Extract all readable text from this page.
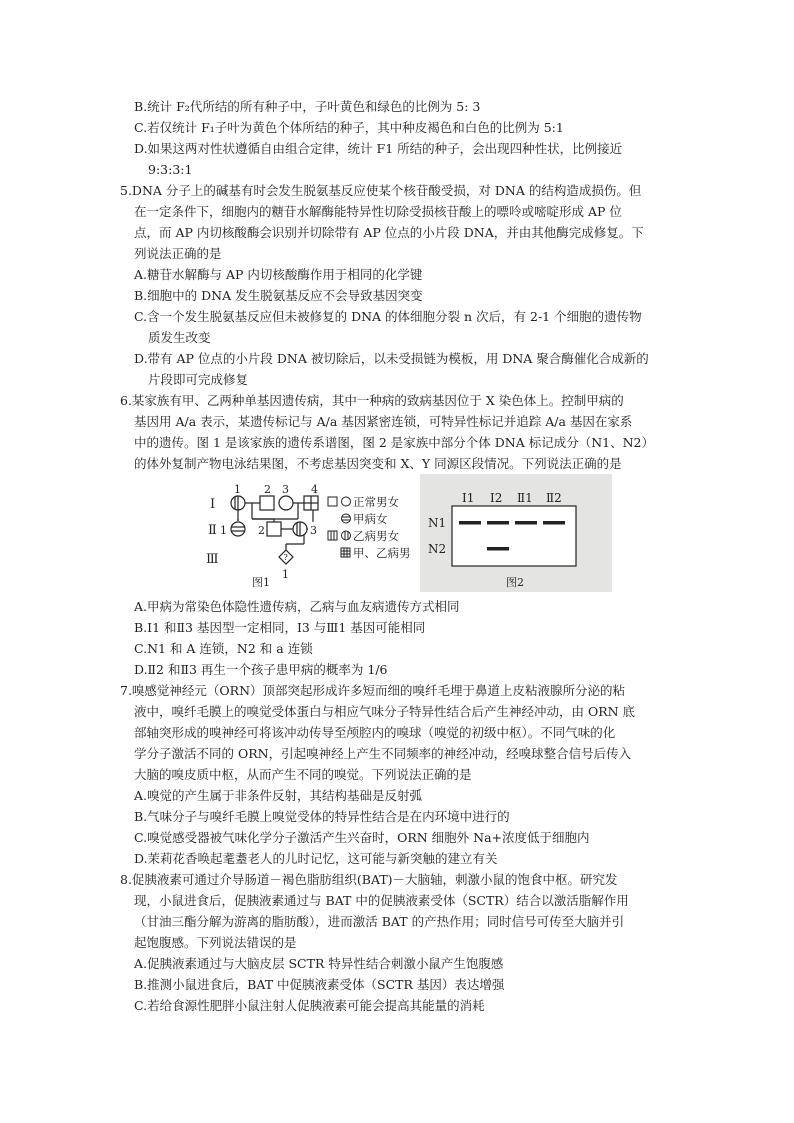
B.统计 F₂代所结的所有种子中，子叶黄色和绿色的比例为 5: 3
C.若仅统计 F₁子叶为黄色个体所结的种子，其中种皮褐色和白色的比例为 5:1
D.如果这两对性状遵循自由组合定律，统计 F1 所结的种子，会出现四种性状，比例接近
9:3:3:1
5.DNA 分子上的碱基有时会发生脱氨基反应使某个核苷酸受损，对 DNA 的结构造成损伤。但
在一定条件下，细胞内的糖苷水解酶能特异性切除受损核苷酸上的嘌呤或嘧啶形成 AP 位
点，而 AP 内切核酸酶会识别并切除带有 AP 位点的小片段 DNA，并由其他酶完成修复。下
列说法正确的是
A.糖苷水解酶与 AP 内切核酸酶作用于相同的化学键
B.细胞中的 DNA 发生脱氨基反应不会导致基因突变
C.含一个发生脱氨基反应但未被修复的 DNA 的体细胞分裂 n 次后，有 2-1 个细胞的遗传物
质发生改变
D.带有 AP 位点的小片段 DNA 被切除后，以未受损链为模板，用 DNA 聚合酶催化合成新的
片段即可完成修复
6.某家族有甲、乙两种单基因遗传病，其中一种病的致病基因位于 X 染色体上。控制甲病的
基因用 A/a 表示，某遗传标记与 A/a 基因紧密连锁，可特异性标记并追踪 A/a 基因在家系
中的遗传。图 1 是该家族的遗传系谱图，图 2 是家族中部分个体 DNA 标记成分（N1、N2）
的体外复制产物电泳结果图，不考虑基因突变和 X、Y 同源区段情况。下列说法正确的是
?
Ⅰ
Ⅱ
Ⅲ
1 2 3 4
1	2	3
1
正常男女
甲病女
乙病男女
甲、乙病男
图1
N1
N2
Ⅰ1 Ⅰ2 Ⅱ1 Ⅱ2
图2
A.甲病为常染色体隐性遗传病，乙病与血友病遗传方式相同
B.Ⅰ1 和Ⅱ3 基因型一定相同，Ⅰ3 与Ⅲ1 基因可能相同
C.N1 和 A 连锁，N2 和 a 连锁
D.Ⅱ2 和Ⅱ3 再生一个孩子患甲病的概率为 1/6
7.嗅感觉神经元（ORN）顶部突起形成许多短而细的嗅纤毛埋于鼻道上皮粘液腺所分泌的粘
液中，嗅纤毛膜上的嗅觉受体蛋白与相应气味分子特异性结合后产生神经冲动，由 ORN 底
部轴突形成的嗅神经可将该冲动传导至颅腔内的嗅球（嗅觉的初级中枢）。不同气味的化
学分子激活不同的 ORN，引起嗅神经上产生不同频率的神经冲动，经嗅球整合信号后传入
大脑的嗅皮质中枢，从而产生不同的嗅觉。下列说法正确的是
A.嗅觉的产生属于非条件反射，其结构基础是反射弧
B.气味分子与嗅纤毛膜上嗅觉受体的特异性结合是在内环境中进行的
C.嗅觉感受器被气味化学分子激活产生兴奋时，ORN 细胞外 Na+浓度低于细胞内
D.茉莉花香唤起耄耋老人的儿时记忆，这可能与新突触的建立有关
8.促胰液素可通过介导肠道－褐色脂肪组织(BAT)－大脑轴，刺激小鼠的饱食中枢。研究发
现，小鼠进食后，促胰液素通过与 BAT 中的促胰液素受体（SCTR）结合以激活脂解作用
（甘油三酯分解为游离的脂肪酸），进而激活 BAT 的产热作用；同时信号可传至大脑并引
起饱腹感。下列说法错误的是
A.促胰液素通过与大脑皮层 SCTR 特异性结合刺激小鼠产生饱腹感
B.推测小鼠进食后，BAT 中促胰液素受体（SCTR 基因）表达增强
C.若给食源性肥胖小鼠注射人促胰液素可能会提高其能量的消耗
